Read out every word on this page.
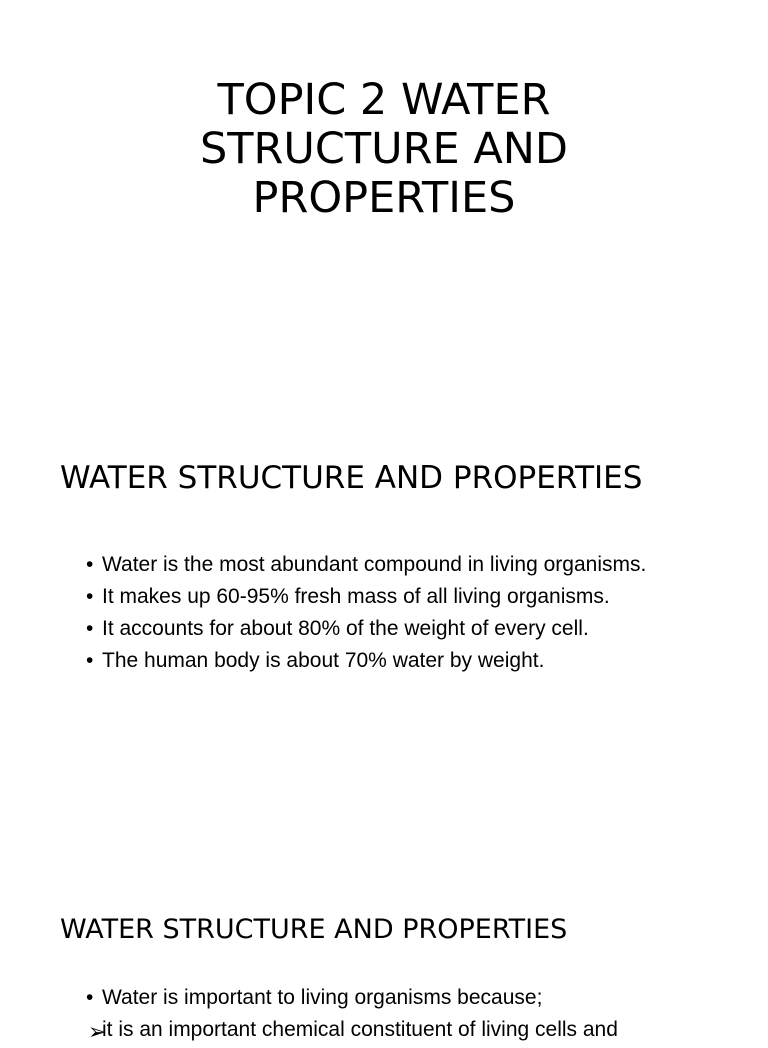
TOPIC 2 WATER STRUCTURE AND PROPERTIES
WATER STRUCTURE AND PROPERTIES
• Water is the most abundant compound in living organisms.
• It makes up 60-95% fresh mass of all living organisms.
• It accounts for about 80% of the weight of every cell.
• The human body is about 70% water by weight.
WATER STRUCTURE AND PROPERTIES
• Water is important to living organisms because;
➢
it is an important chemical constituent of living cells and
